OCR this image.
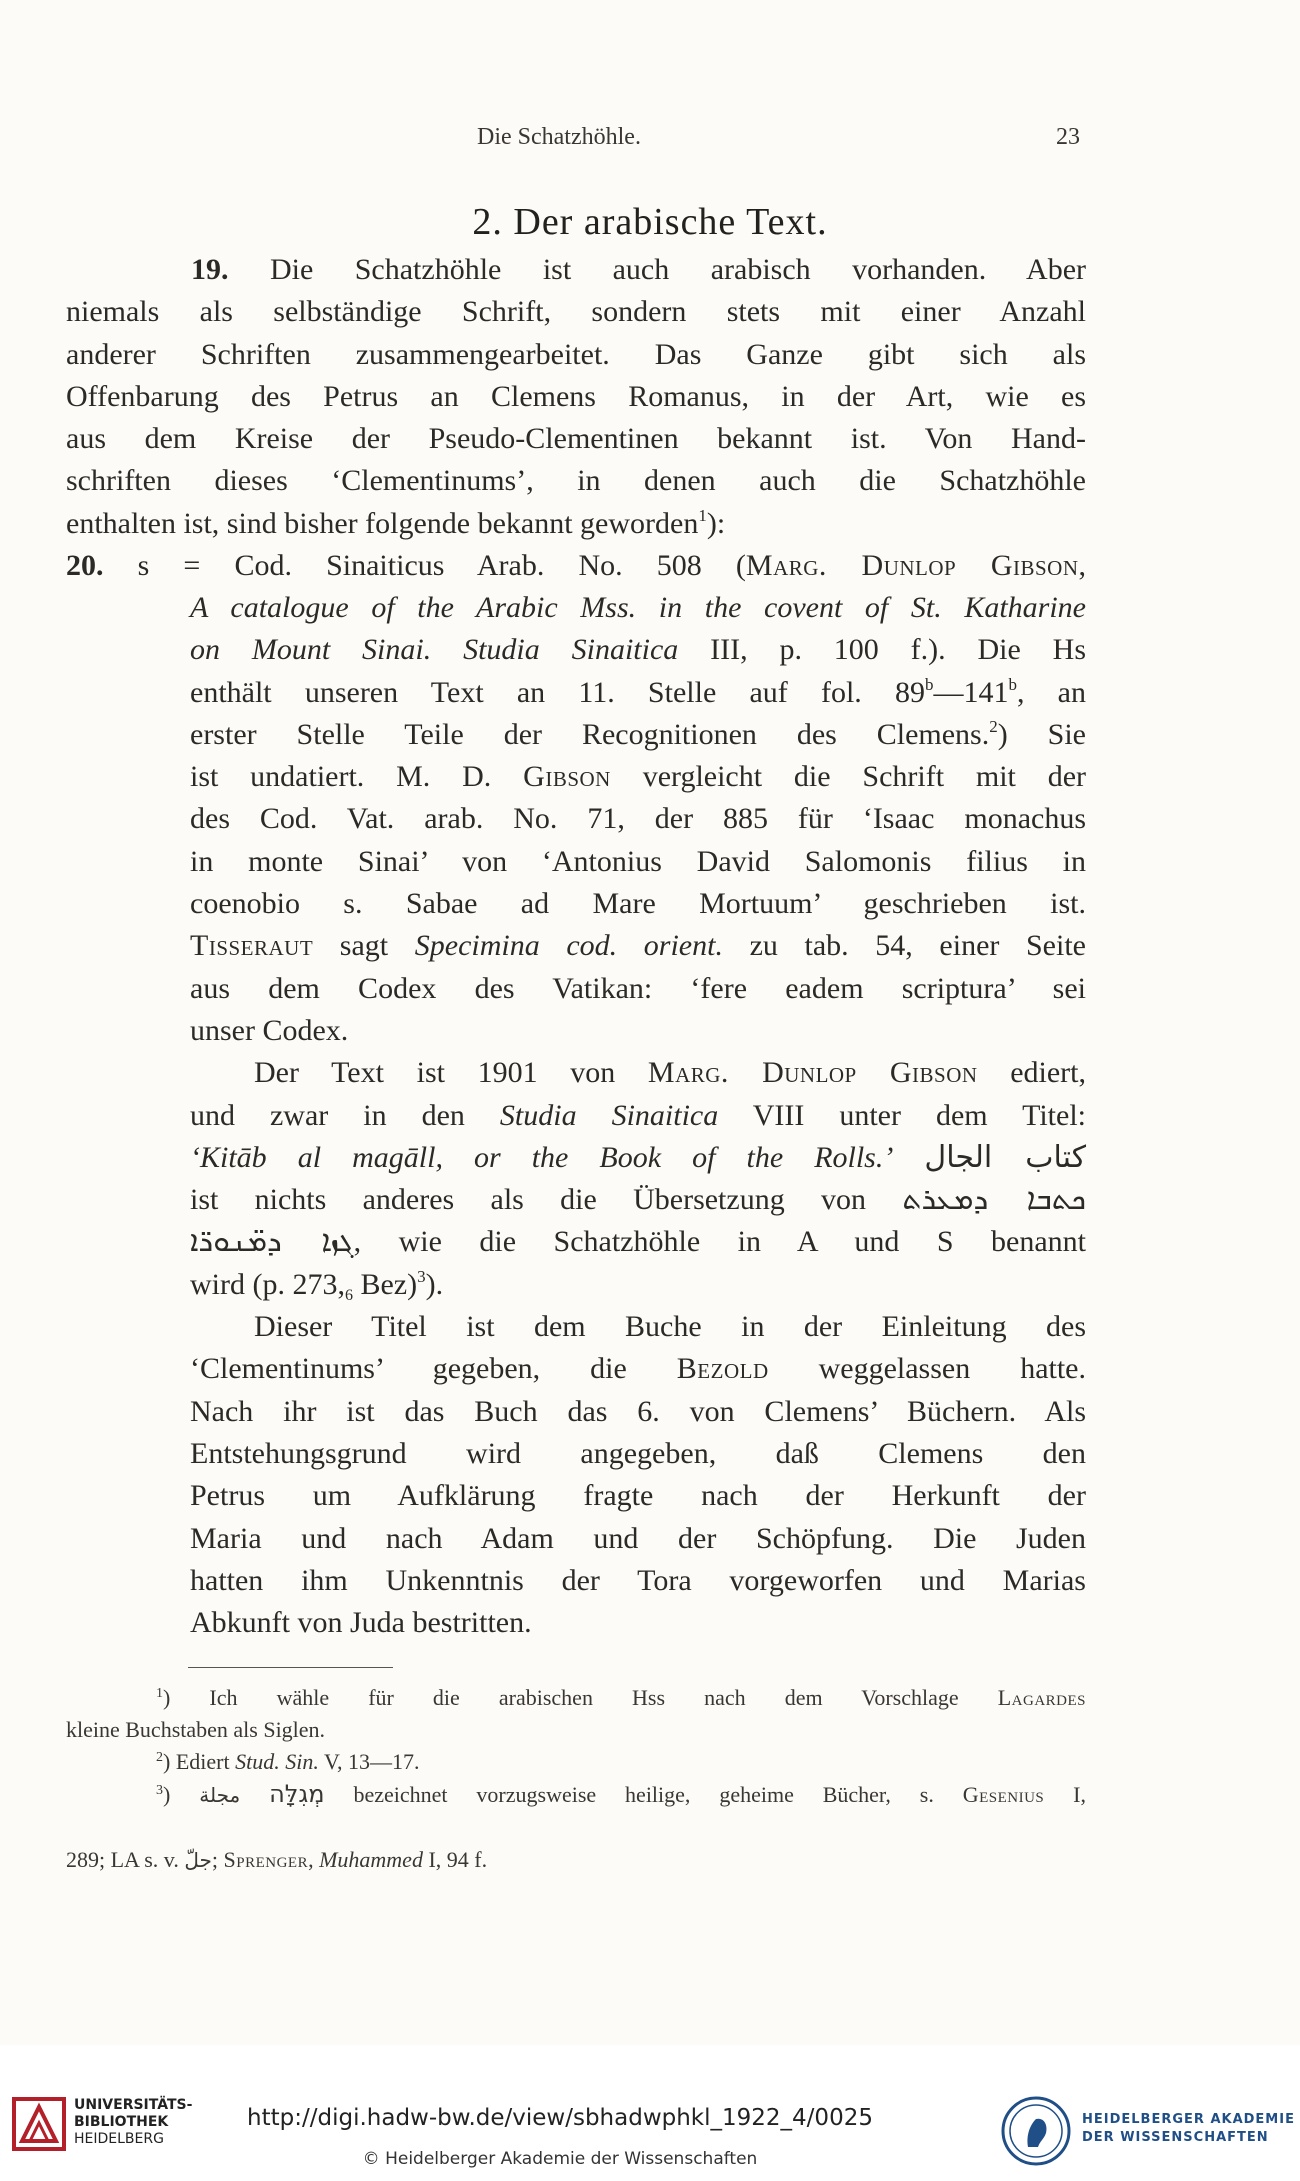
Die Schatzhöhle.	23
2. Der arabische Text.
19. Die Schatzhöhle ist auch arabisch vorhanden. Aber
niemals als selbständige Schrift, sondern stets mit einer Anzahl
anderer Schriften zusammengearbeitet. Das Ganze gibt sich als
Offenbarung des Petrus an Clemens Romanus, in der Art, wie es
aus dem Kreise der Pseudo-Clementinen bekannt ist. Von Hand-
schriften dieses ‘Clementinums’, in denen auch die Schatzhöhle
enthalten ist, sind bisher folgende bekannt geworden$^1$):
20. s = Cod. Sinaiticus Arab. No. 508 (Marg. Dunlop Gibson,
A catalogue of the Arabic Mss. in the covent of St. Katharine
on Mount Sinai. Studia Sinaitica III, p. 100 f.). Die Hs
enthält unseren Text an 11. Stelle auf fol. 89$^b$—141$^b$, an
erster Stelle Teile der Recognitionen des Clemens.$^2$) Sie
ist undatiert. M. D. Gibson vergleicht die Schrift mit der
des Cod. Vat. arab. No. 71, der 885 für ‘Isaac monachus
in monte Sinai’ von ‘Antonius David Salomonis filius in
coenobio s. Sabae ad Mare Mortuum’ geschrieben ist.
Tisseraut sagt Specimina cod. orient. zu tab. 54, einer Seite
aus dem Codex des Vatikan: ‘fere eadem scriptura’ sei
unser Codex.
Der Text ist 1901 von Marg. Dunlop Gibson ediert,
und zwar in den Studia Sinaitica VIII unter dem Titel:
‘Kitāb al magāll, or the Book of the Rolls.’ كتاب الجال
ist nichts anderes als die Übersetzung von ܟܬܒܐ ܕܡܥܪܬ
ܓܙܐ ܕܡ̈ܢܘܪ̈ܐ, wie die Schatzhöhle in A und S benannt
wird (p. $273,_6$ Bez)$^3$).
Dieser Titel ist dem Buche in der Einleitung des
‘Clementinums’ gegeben, die Bezold weggelassen hatte.
Nach ihr ist das Buch das 6. von Clemens’ Büchern. Als
Entstehungsgrund wird angegeben, daß Clemens den
Petrus um Aufklärung fragte nach der Herkunft der
Maria und nach Adam und der Schöpfung. Die Juden
hatten ihm Unkenntnis der Tora vorgeworfen und Marias
Abkunft von Juda bestritten.
$^1$) Ich wähle für die arabischen Hss nach dem Vorschlage Lagardes
kleine Buchstaben als Siglen.
$^2$) Ediert Stud. Sin. V, 13—17.
$^3$) مجلة מְגִלָּה bezeichnet vorzugsweise heilige, geheime Bücher, s. Gesenius I,
289; LA s. v. جلّ; Sprenger, Muhammed I, 94 f.
UNIVERSITÄTS-
BIBLIOTHEK
HEIDELBERG
http://digi.hadw-bw.de/view/sbhadwphkl_1922_4/0025
© Heidelberger Akademie der Wissenschaften
HEIDELBERGER AKADEMIE
DER WISSENSCHAFTEN
